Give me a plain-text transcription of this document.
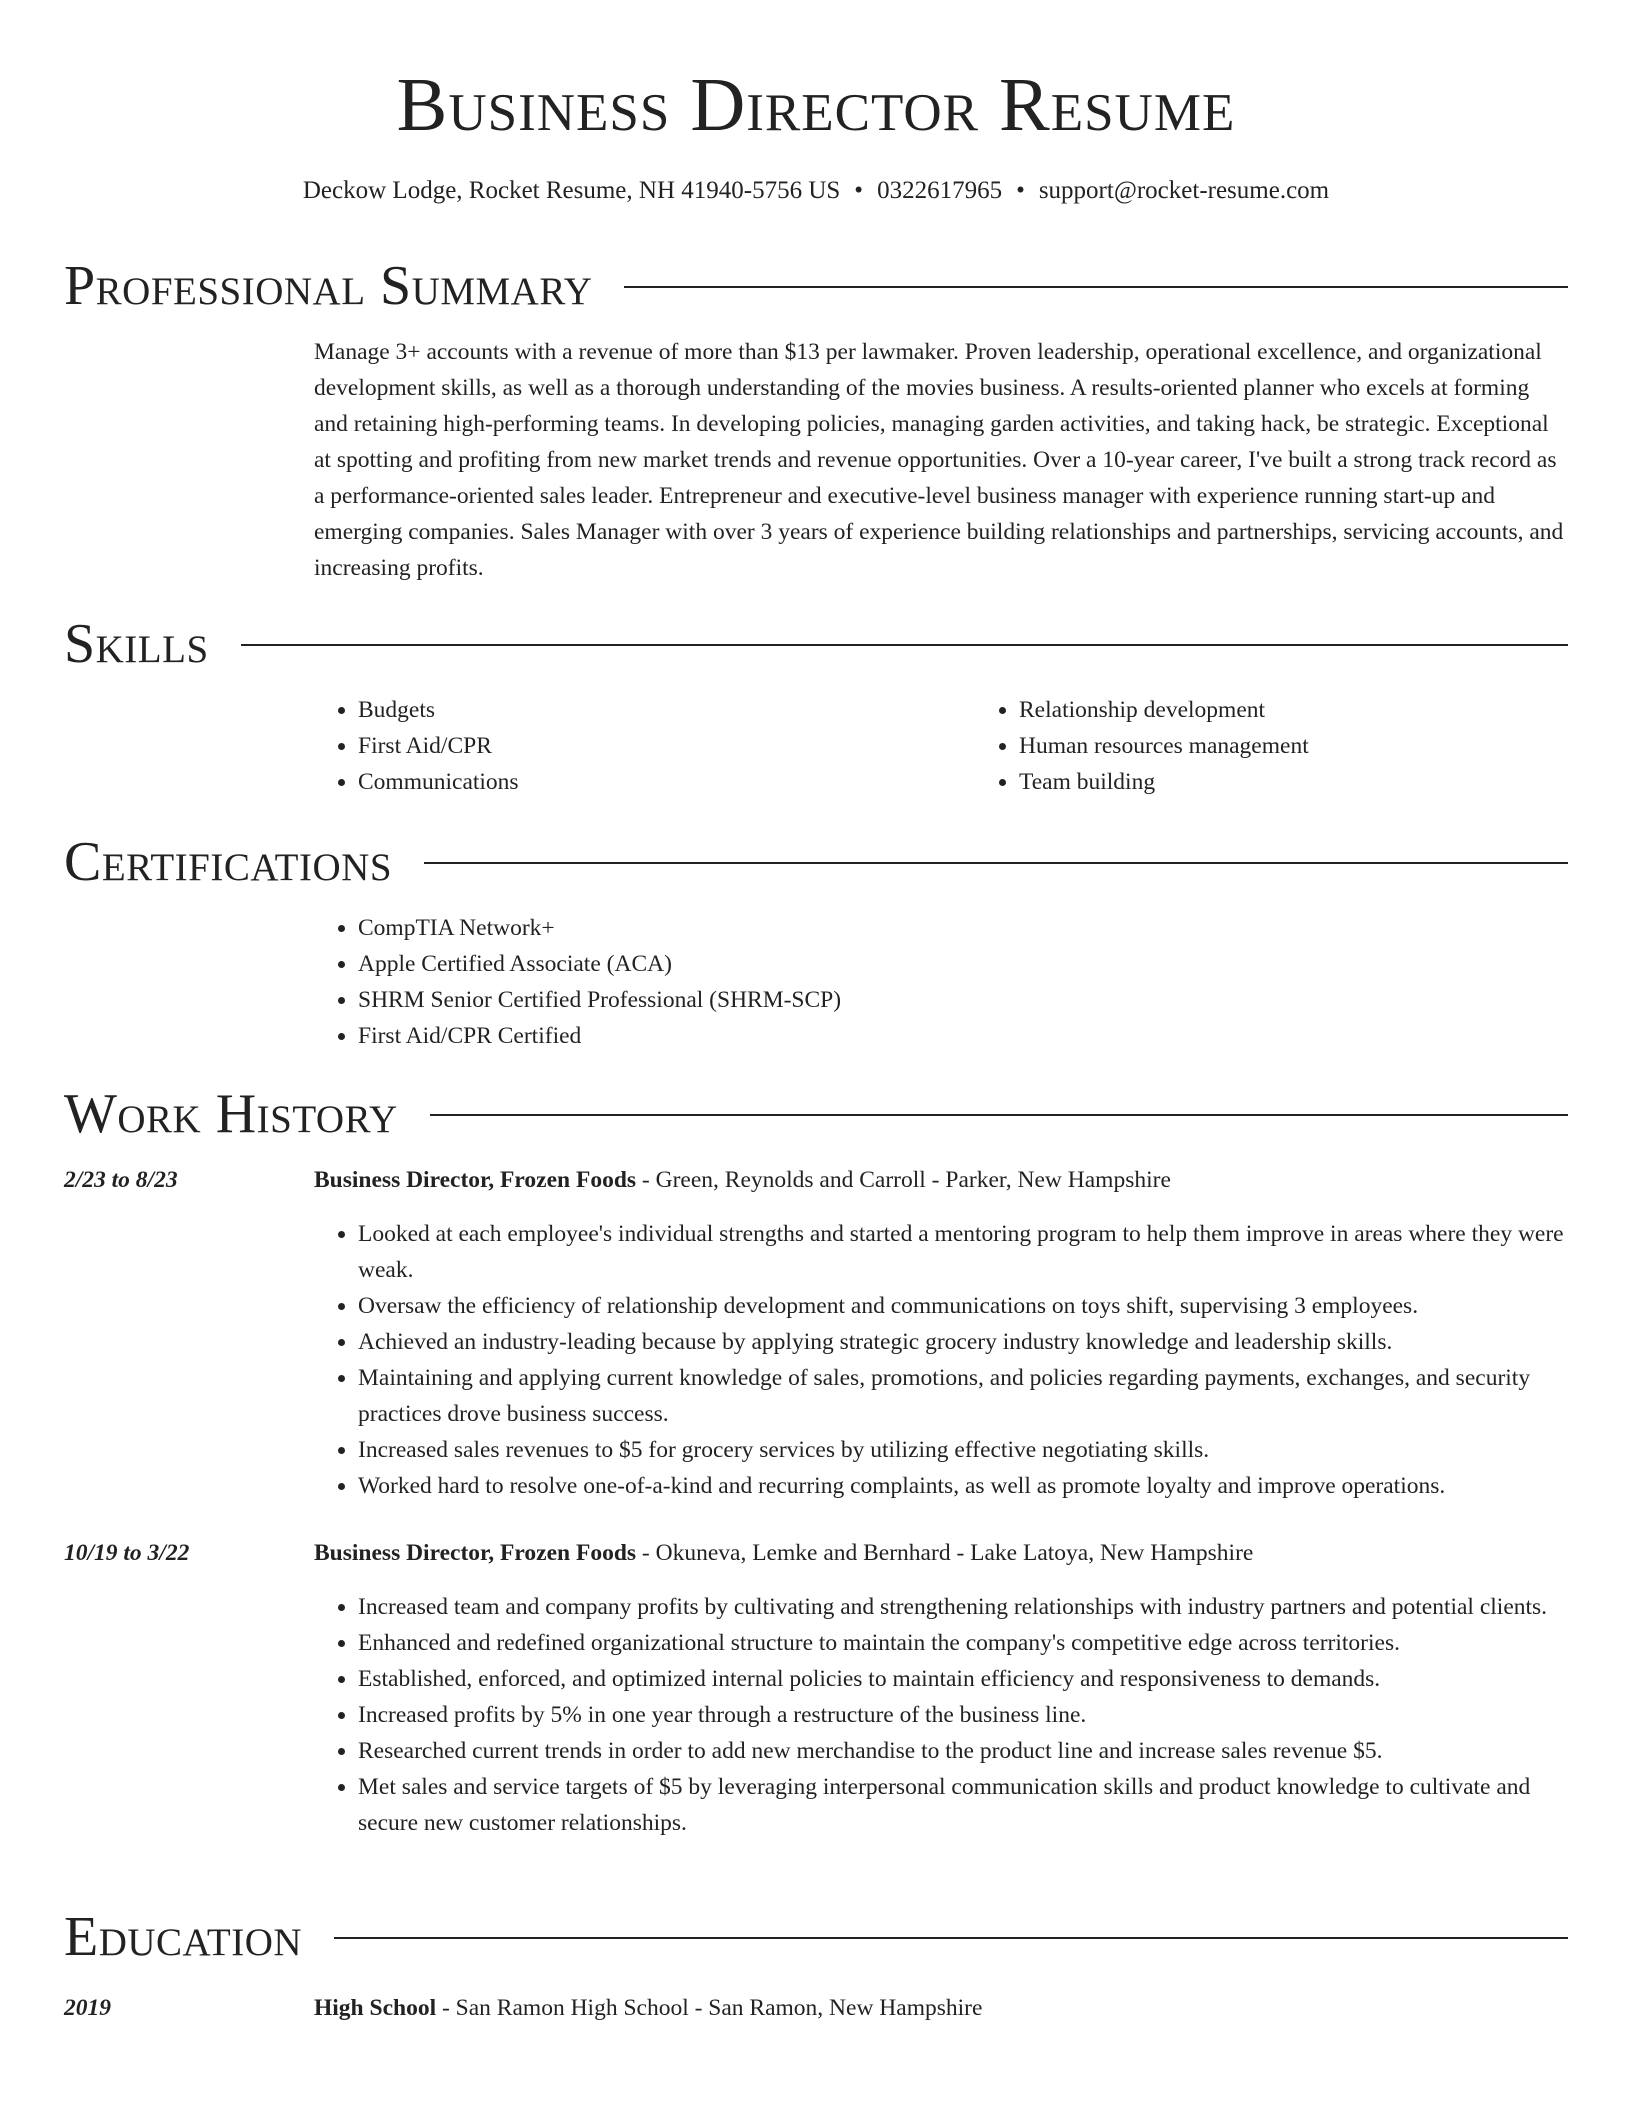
Business Director Resume
Deckow Lodge, Rocket Resume, NH 41940-5756 US • 0322617965 • support@rocket-resume.com
Professional Summary

Manage 3+ accounts with a revenue of more than $13 per lawmaker. Proven leadership, operational excellence, and organizational development skills, as well as a thorough understanding of the movies business. A results-oriented planner who excels at forming and retaining high-performing teams. In developing policies, managing garden activities, and taking hack, be strategic. Exceptional at spotting and profiting from new market trends and revenue opportunities. Over a 10-year career, I've built a strong track record as a performance-oriented sales leader. Entrepreneur and executive-level business manager with experience running start-up and emerging companies. Sales Manager with over 3 years of experience building relationships and partnerships, servicing accounts, and increasing profits.

Skills
• Budgets
• First Aid/CPR
• Communications
• Relationship development
• Human resources management
• Team building
Certifications
• CompTIA Network+
• Apple Certified Associate (ACA)
• SHRM Senior Certified Professional (SHRM-SCP)
• First Aid/CPR Certified
Work History
2/23 to 8/23	Business Director, Frozen Foods - Green, Reynolds and Carroll - Parker, New Hampshire
• Looked at each employee's individual strengths and started a mentoring program to help them improve in areas where they were weak.
• Oversaw the efficiency of relationship development and communications on toys shift, supervising 3 employees.
• Achieved an industry-leading because by applying strategic grocery industry knowledge and leadership skills.
• Maintaining and applying current knowledge of sales, promotions, and policies regarding payments, exchanges, and security practices drove business success.
• Increased sales revenues to $5 for grocery services by utilizing effective negotiating skills.
• Worked hard to resolve one-of-a-kind and recurring complaints, as well as promote loyalty and improve operations.
10/19 to 3/22	Business Director, Frozen Foods - Okuneva, Lemke and Bernhard - Lake Latoya, New Hampshire
• Increased team and company profits by cultivating and strengthening relationships with industry partners and potential clients.
• Enhanced and redefined organizational structure to maintain the company's competitive edge across territories.
• Established, enforced, and optimized internal policies to maintain efficiency and responsiveness to demands.
• Increased profits by 5% in one year through a restructure of the business line.
• Researched current trends in order to add new merchandise to the product line and increase sales revenue $5.
• Met sales and service targets of $5 by leveraging interpersonal communication skills and product knowledge to cultivate and secure new customer relationships.
Education
2019	High School - San Ramon High School - San Ramon, New Hampshire
